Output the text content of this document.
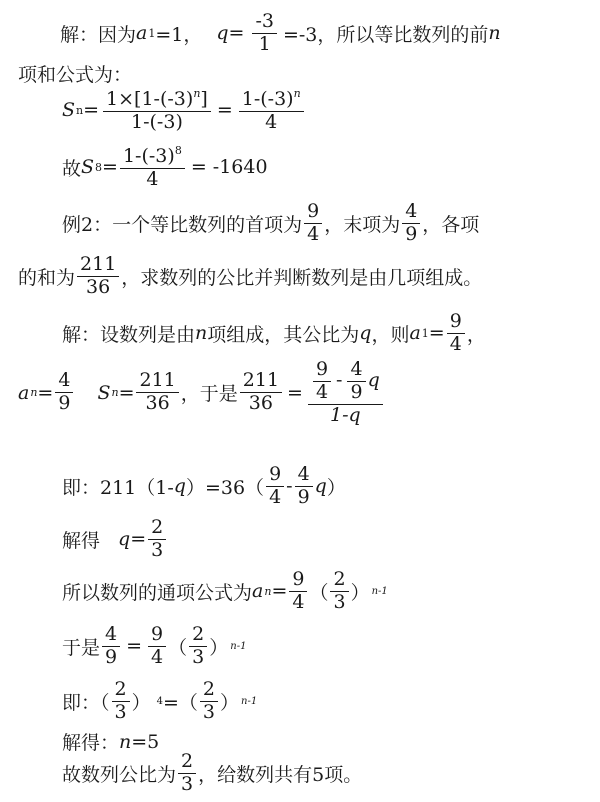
解：因为 a 1 =1， $q = \frac{-3}{1} =-3$，所以等比数列的前 n
项和公式为：
S $n = \frac{1\times[1-(-3)^n]}{1-(-3)} = \frac{1-(-3)^n}{4}$
故 S $8 = \frac{1-(-3)^8}{4} = -1640$
例2：一个等比数列的首项为 $\frac{9}{4}$ ，末项为 $\frac{4}{9}$ ，各项
的和为 $\frac{211}{36}$ ，求数列的公比并判断数列是由几项组成。
解：设数列是由 n 项组成，其公比为 q ，则 a $1 = \frac{9}{4}$ ，
a $n = \frac{4}{9}$ S $n = \frac{211}{36}$ ，于是 $\frac{211}{36} = \frac{9}{4} - \frac{4}{9}$ q
1-q
即：211（1- q ）$=36( \frac{9}{4} - \frac{4}{9}$ q ）
解得 $q = \frac{2}{3}$
所以数列的通项公式为 a $n = \frac{9}{4}$ （ $\frac{2}{3}$ ） n-1
于是 $\frac{4}{9} = \frac{9}{4}$ （ $\frac{2}{3}$ ） n-1
即：（ $\frac{2}{3}$ ） 4 =（ $\frac{2}{3}$ ） n-1
解得： n =5
故数列公比为 $\frac{2}{3}$ ，给数列共有5项。
